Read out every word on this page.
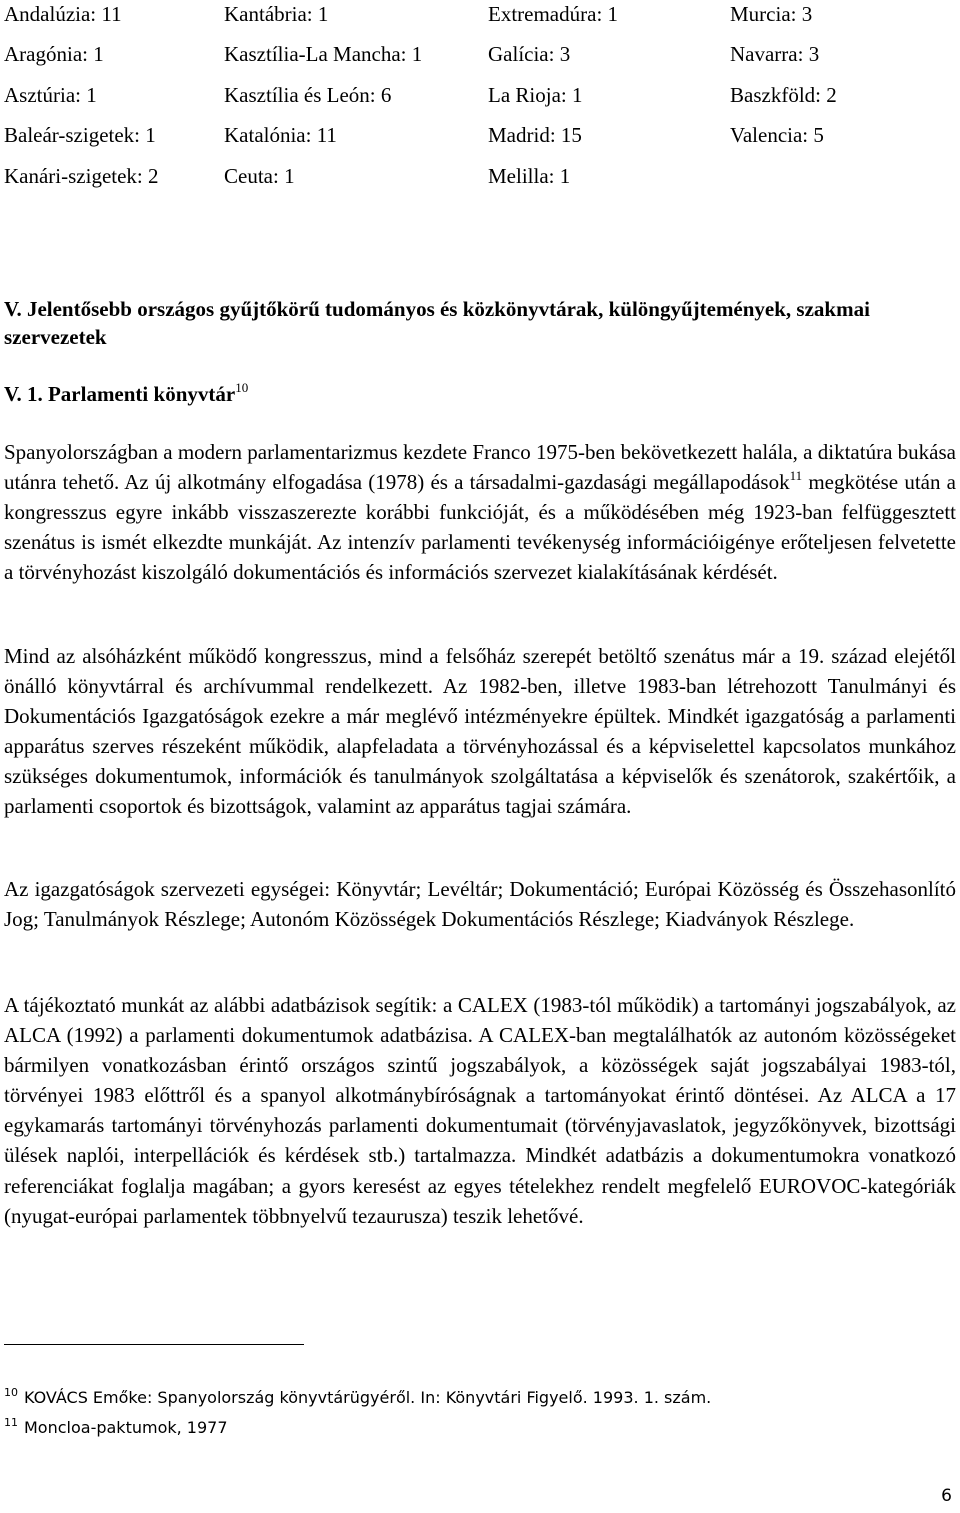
Andalúzia: 11	Kantábria: 1	Extremadúra: 1	Murcia: 3
Aragónia: 1	Kasztília-La Mancha: 1	Galícia: 3	Navarra: 3
Asztúria: 1	Kasztília és León: 6	La Rioja: 1	Baszkföld: 2
Baleár-szigetek: 1	Katalónia: 11	Madrid: 15	Valencia: 5
Kanári-szigetek: 2	Ceuta: 1	Melilla: 1
V. Jelentősebb országos gyűjtőkörű tudományos és közkönyvtárak, különgyűjtemények, szakmai szervezetek
V. 1. Parlamenti könyvtár$^{10}$

Spanyolországban a modern parlamentarizmus kezdete Franco 1975-ben bekövetkezett halála, a diktatúra bukása utánra tehető. Az új alkotmány elfogadása (1978) és a társadalmi-gazdasági megállapodások$^{11}$ megkötése után a kongresszus egyre inkább visszaszerezte korábbi funkcióját, és a működésében még 1923-ban felfüggesztett szenátus is ismét elkezdte munkáját. Az intenzív parlamenti tevékenység információigénye erőteljesen felvetette a törvényhozást kiszolgáló dokumentációs és információs szervezet kialakításának kérdését.

Mind az alsóházként működő kongresszus, mind a felsőház szerepét betöltő szenátus már a 19. század elejétől önálló könyvtárral és archívummal rendelkezett. Az 1982-ben, illetve 1983-ban létrehozott Tanulmányi és Dokumentációs Igazgatóságok ezekre a már meglévő intézményekre épültek. Mindkét igazgatóság a parlamenti apparátus szerves részeként működik, alapfeladata a törvényhozással és a képviselettel kapcsolatos munkához szükséges dokumentumok, információk és tanulmányok szolgáltatása a képviselők és szenátorok, szakértőik, a parlamenti csoportok és bizottságok, valamint az apparátus tagjai számára.

Az igazgatóságok szervezeti egységei: Könyvtár; Levéltár; Dokumentáció; Európai Közösség és Összehasonlító Jog; Tanulmányok Részlege; Autonóm Közösségek Dokumentációs Részlege; Kiadványok Részlege.

A tájékoztató munkát az alábbi adatbázisok segítik: a CALEX (1983-tól működik) a tartományi jogszabályok, az ALCA (1992) a parlamenti dokumentumok adatbázisa. A CALEX-ban megtalálhatók az autonóm közösségeket bármilyen vonatkozásban érintő országos szintű jogszabályok, a közösségek saját jogszabályai 1983-tól, törvényei 1983 előttről és a spanyol alkotmánybíróságnak a tartományokat érintő döntései. Az ALCA a 17 egykamarás tartományi törvényhozás parlamenti dokumentumait (törvényjavaslatok, jegyzőkönyvek, bizottsági ülések naplói, interpellációk és kérdések stb.) tartalmazza. Mindkét adatbázis a dokumentumokra vonatkozó referenciákat foglalja magában; a gyors keresést az egyes tételekhez rendelt megfelelő EUROVOC-kategóriák (nyugat-európai parlamentek többnyelvű tezaurusza) teszik lehetővé.

$^{10}$ KOVÁCS Emőke: Spanyolország könyvtárügyéről. In: Könyvtári Figyelő. 1993. 1. szám.
$^{11}$ Moncloa-paktumok, 1977
6
